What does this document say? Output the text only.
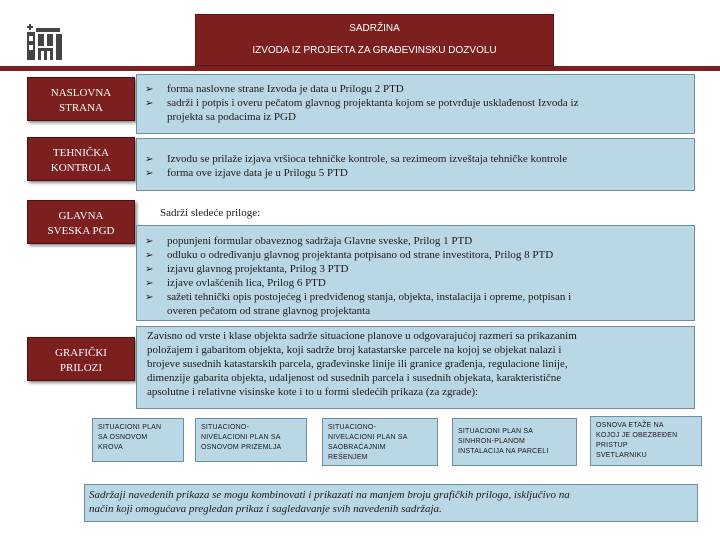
SADRŽINA
IZVODA IZ PROJEKTA ZA GRAĐEVINSKU DOZVOLU
NASLOVNA
STRANA
➢ forma naslovne strane Izvoda je data u Prilogu 2 PTD
➢ sadrži i potpis i overu pečatom glavnog projektanta kojom se potvrđuje usklađenost Izvoda iz
projekta sa podacima iz PGD
TEHNIČKA
KONTROLA
➢ Izvodu se prilaže izjava vršioca tehničke kontrole, sa rezimeom izveštaja tehničke kontrole
➢ forma ove izjave data je u Prilogu 5 PTD
GLAVNA
SVESKA PGD
Sadrži sledeće priloge:
➢ popunjeni formular obaveznog sadržaja Glavne sveske, Prilog 1 PTD
➢ odluku o određivanju glavnog projektanta potpisano od strane investitora, Prilog 8 PTD
➢ izjavu glavnog projektanta, Prilog 3 PTD
➢ izjave ovlašćenih lica, Prilog 6 PTD
➢ sažeti tehnički opis postojećeg i predviđenog stanja, objekta, instalacija i opreme, potpisan i
overen pečatom od strane glavnog projektanta
GRAFIČKI
PRILOZI
Zavisno od vrste i klase objekta sadrže situacione planove u odgovarajućoj razmeri sa prikazanim
položajem i gabaritom objekta, koji sadrže broj katastarske parcele na kojoj se objekat nalazi i
brojeve susednih katastarskih parcela, građevinske linije ili granice građenja, regulacione linije,
dimenzije gabarita objekta, udaljenost od susednih parcela i susednih objekata, karakteristične
apsolutne i relativne visinske kote i to u formi sledećih prikaza (za zgrade):
SITUACIONI PLAN
SA OSNOVOM
KROVA
SITUACIONO-
NIVELACIONI PLAN SA
OSNOVOM PRIZEMLJA
SITUACIONO-
NIVELACIONI PLAN SA
SAOBRAĆAJNIM
REŠENJEM
SITUACIONI PLAN SA
SINHRON-PLANOM
INSTALACIJA NA PARCELI
OSNOVA ETAŽE NA
KOJOJ JE OBEZBEĐEN
PRISTUP
SVETLARNIKU
Sadržaji navedenih prikaza se mogu kombinovati i prikazati na manjem broju grafičkih priloga, isključivo na
način koji omogućava pregledan prikaz i sagledavanje svih navedenih sadržaja.
